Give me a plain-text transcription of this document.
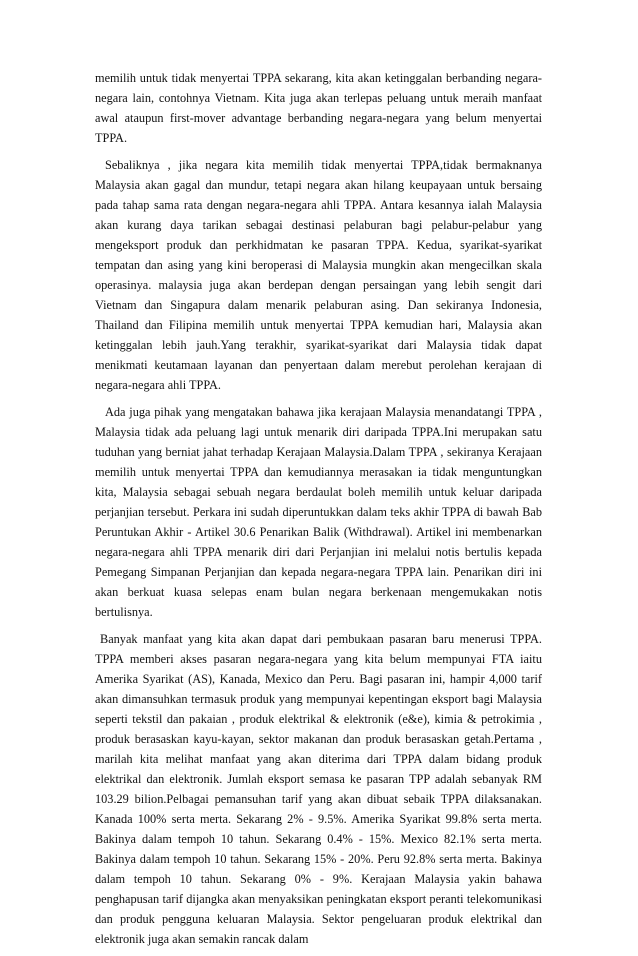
memilih untuk tidak menyertai TPPA sekarang, kita akan ketinggalan berbanding negara-negara lain, contohnya Vietnam. Kita juga akan terlepas peluang untuk meraih manfaat awal ataupun first-mover advantage berbanding negara-negara yang belum menyertai TPPA.

Sebaliknya , jika negara kita memilih tidak menyertai TPPA,tidak bermaknanya Malaysia akan gagal dan mundur, tetapi negara akan hilang keupayaan untuk bersaing pada tahap sama rata dengan negara-negara ahli TPPA. Antara kesannya ialah Malaysia akan kurang daya tarikan sebagai destinasi pelaburan bagi pelabur-pelabur yang mengeksport produk dan perkhidmatan ke pasaran TPPA. Kedua, syarikat-syarikat tempatan dan asing yang kini beroperasi di Malaysia mungkin akan mengecilkan skala operasinya. malaysia juga akan berdepan dengan persaingan yang lebih sengit dari Vietnam dan Singapura dalam menarik pelaburan asing. Dan sekiranya Indonesia, Thailand dan Filipina memilih untuk menyertai TPPA kemudian hari, Malaysia akan ketinggalan lebih jauh.Yang terakhir, syarikat-syarikat dari Malaysia tidak dapat menikmati keutamaan layanan dan penyertaan dalam merebut perolehan kerajaan di negara-negara ahli TPPA.

Ada juga pihak yang mengatakan bahawa jika kerajaan Malaysia menandatangi TPPA , Malaysia tidak ada peluang lagi untuk menarik diri daripada TPPA.Ini merupakan satu tuduhan yang berniat jahat terhadap Kerajaan Malaysia.Dalam TPPA , sekiranya Kerajaan memilih untuk menyertai TPPA dan kemudiannya merasakan ia tidak menguntungkan kita, Malaysia sebagai sebuah negara berdaulat boleh memilih untuk keluar daripada perjanjian tersebut. Perkara ini sudah diperuntukkan dalam teks akhir TPPA di bawah Bab Peruntukan Akhir - Artikel 30.6 Penarikan Balik (Withdrawal). Artikel ini membenarkan negara-negara ahli TPPA menarik diri dari Perjanjian ini melalui notis bertulis kepada Pemegang Simpanan Perjanjian dan kepada negara-negara TPPA lain. Penarikan diri ini akan berkuat kuasa selepas enam bulan negara berkenaan mengemukakan notis bertulisnya.

Banyak manfaat yang kita akan dapat dari pembukaan pasaran baru menerusi TPPA. TPPA memberi akses pasaran negara-negara yang kita belum mempunyai FTA iaitu Amerika Syarikat (AS), Kanada, Mexico dan Peru. Bagi pasaran ini, hampir 4,000 tarif akan dimansuhkan termasuk produk yang mempunyai kepentingan eksport bagi Malaysia seperti tekstil dan pakaian , produk elektrikal & elektronik (e&e), kimia & petrokimia , produk berasaskan kayu-kayan, sektor makanan dan produk berasaskan getah.Pertama , marilah kita melihat manfaat yang akan diterima dari TPPA dalam bidang produk elektrikal dan elektronik. Jumlah eksport semasa ke pasaran TPP adalah sebanyak RM 103.29 bilion.Pelbagai pemansuhan tarif yang akan dibuat sebaik TPPA dilaksanakan. Kanada 100% serta merta. Sekarang 2% - 9.5%. Amerika Syarikat 99.8% serta merta. Bakinya dalam tempoh 10 tahun. Sekarang 0.4% - 15%. Mexico 82.1% serta merta. Bakinya dalam tempoh 10 tahun. Sekarang 15% - 20%. Peru 92.8% serta merta. Bakinya dalam tempoh 10 tahun. Sekarang 0% - 9%. Kerajaan Malaysia yakin bahawa penghapusan tarif dijangka akan menyaksikan peningkatan eksport peranti telekomunikasi dan produk pengguna keluaran Malaysia. Sektor pengeluaran produk elektrikal dan elektronik juga akan semakin rancak dalam
